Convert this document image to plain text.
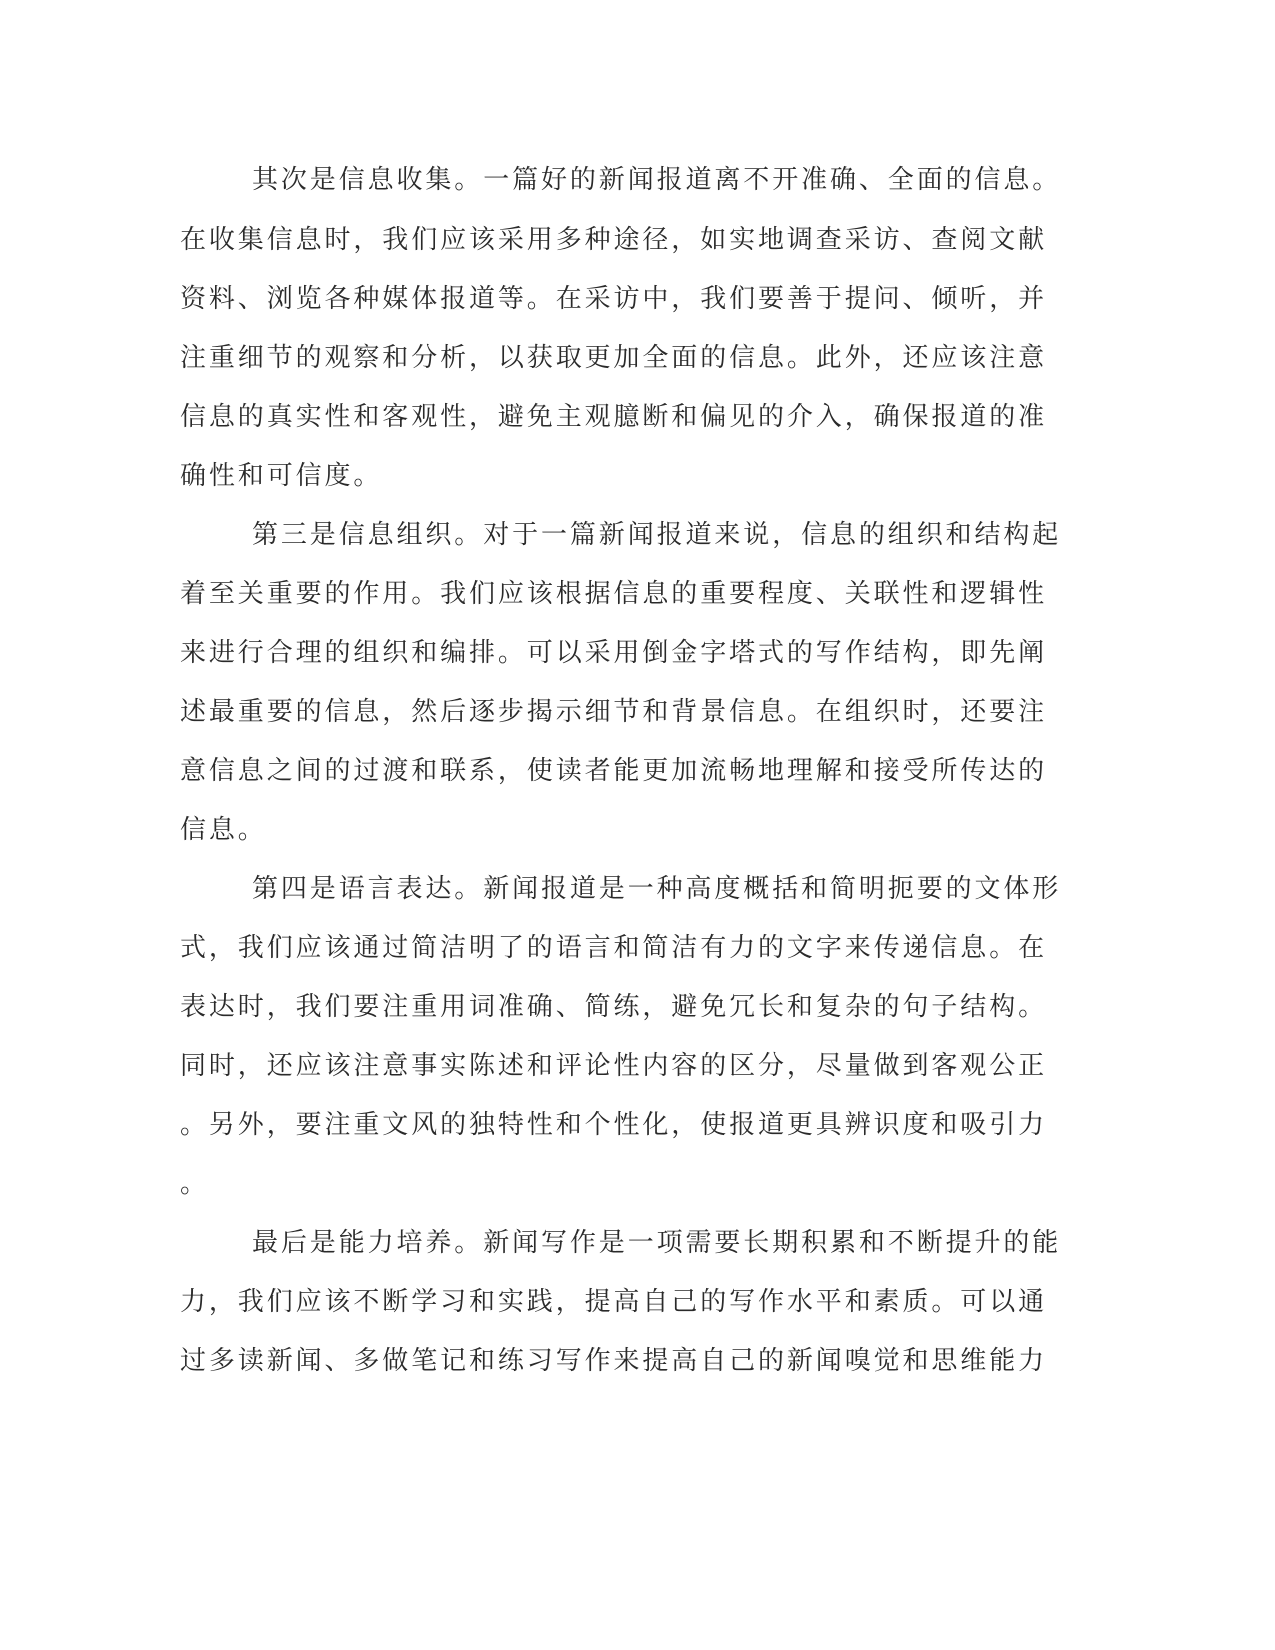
其次是信息收集。一篇好的新闻报道离不开准确、全面的信息。
在收集信息时，我们应该采用多种途径，如实地调查采访、查阅文献
资料、浏览各种媒体报道等。在采访中，我们要善于提问、倾听，并
注重细节的观察和分析，以获取更加全面的信息。此外，还应该注意
信息的真实性和客观性，避免主观臆断和偏见的介入，确保报道的准
确性和可信度。
第三是信息组织。对于一篇新闻报道来说，信息的组织和结构起
着至关重要的作用。我们应该根据信息的重要程度、关联性和逻辑性
来进行合理的组织和编排。可以采用倒金字塔式的写作结构，即先阐
述最重要的信息，然后逐步揭示细节和背景信息。在组织时，还要注
意信息之间的过渡和联系，使读者能更加流畅地理解和接受所传达的
信息。
第四是语言表达。新闻报道是一种高度概括和简明扼要的文体形
式，我们应该通过简洁明了的语言和简洁有力的文字来传递信息。在
表达时，我们要注重用词准确、简练，避免冗长和复杂的句子结构。
同时，还应该注意事实陈述和评论性内容的区分，尽量做到客观公正
。另外，要注重文风的独特性和个性化，使报道更具辨识度和吸引力
。
最后是能力培养。新闻写作是一项需要长期积累和不断提升的能
力，我们应该不断学习和实践，提高自己的写作水平和素质。可以通
过多读新闻、多做笔记和练习写作来提高自己的新闻嗅觉和思维能力
